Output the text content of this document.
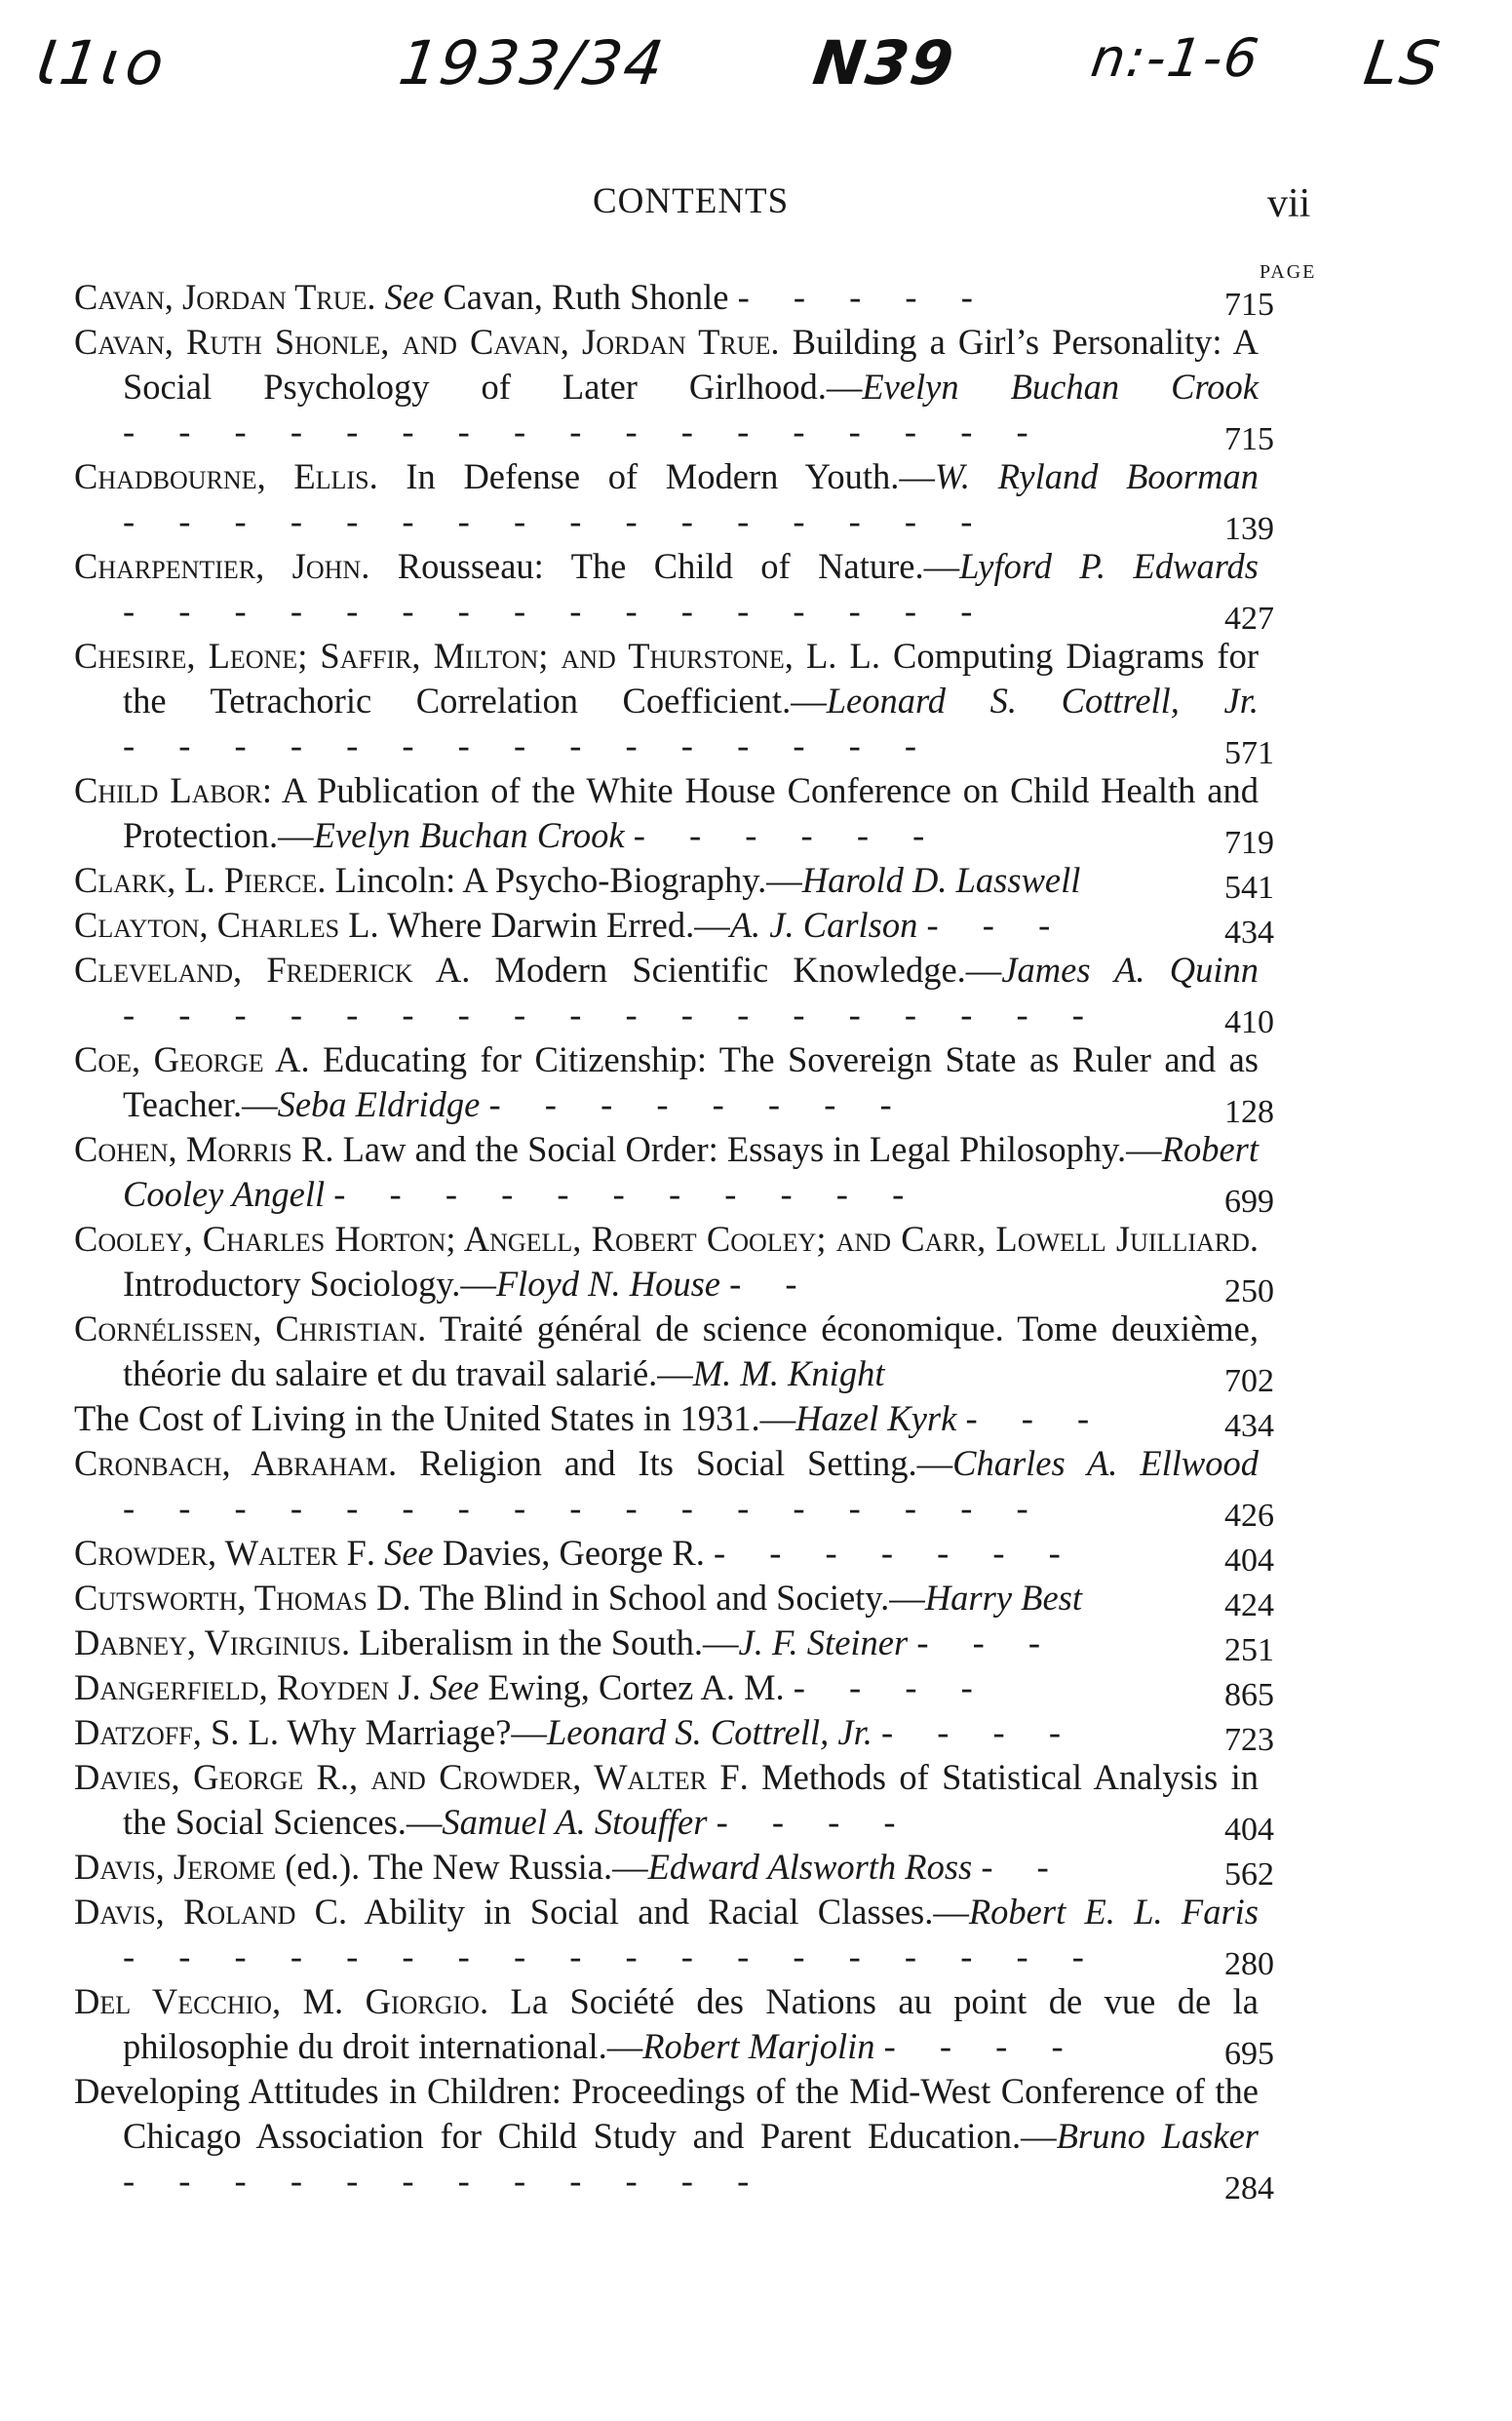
Ɩ1ɩo	1933/34 N39 n:-1-6 LS
CONTENTS	vii
PAGE
Cavan, Jordan True. See Cavan, Ruth Shonle - - - - -	715
Cavan, Ruth Shonle, and Cavan, Jordan True. Building a Girl’s Personality: A Social Psychology of Later Girlhood.—Evelyn Buchan Crook - - - - - - - - - - - - - - - - -	715
Chadbourne, Ellis. In Defense of Modern Youth.—W. Ryland Boorman - - - - - - - - - - - - - - - -	139
Charpentier, John. Rousseau: The Child of Nature.—Lyford P. Edwards - - - - - - - - - - - - - - - -	427
Chesire, Leone; Saffir, Milton; and Thurstone, L. L. Computing Diagrams for the Tetrachoric Correlation Coefficient.—Leonard S. Cottrell, Jr. - - - - - - - - - - - - - - -	571
Child Labor: A Publication of the White House Conference on Child Health and Protection.—Evelyn Buchan Crook - - - - - -	719
Clark, L. Pierce. Lincoln: A Psycho-Biography.—Harold D. Lasswell	541
Clayton, Charles L. Where Darwin Erred.—A. J. Carlson - - -	434
Cleveland, Frederick A. Modern Scientific Knowledge.—James A. Quinn - - - - - - - - - - - - - - - - - -	410
Coe, George A. Educating for Citizenship: The Sovereign State as Ruler and as Teacher.—Seba Eldridge - - - - - - - -	128
Cohen, Morris R. Law and the Social Order: Essays in Legal Philosophy.—Robert Cooley Angell - - - - - - - - - - -	699
Cooley, Charles Horton; Angell, Robert Cooley; and Carr, Lowell Juilliard. Introductory Sociology.—Floyd N. House - -	250
Cornélissen, Christian. Traité général de science économique. Tome deuxième, théorie du salaire et du travail salarié.—M. M. Knight	702
The Cost of Living in the United States in 1931.—Hazel Kyrk - - -	434
Cronbach, Abraham. Religion and Its Social Setting.—Charles A. Ellwood - - - - - - - - - - - - - - - - -	426
Crowder, Walter F. See Davies, George R. - - - - - - -	404
Cutsworth, Thomas D. The Blind in School and Society.—Harry Best	424
Dabney, Virginius. Liberalism in the South.—J. F. Steiner - - -	251
Dangerfield, Royden J. See Ewing, Cortez A. M. - - - -	865
Datzoff, S. L. Why Marriage?—Leonard S. Cottrell, Jr. - - - -	723
Davies, George R., and Crowder, Walter F. Methods of Statistical Analysis in the Social Sciences.—Samuel A. Stouffer - - - -	404
Davis, Jerome (ed.). The New Russia.—Edward Alsworth Ross - -	562
Davis, Roland C. Ability in Social and Racial Classes.—Robert E. L. Faris - - - - - - - - - - - - - - - - - -	280
Del Vecchio, M. Giorgio. La Société des Nations au point de vue de la philosophie du droit international.—Robert Marjolin - - - -	695
Developing Attitudes in Children: Proceedings of the Mid-West Conference of the Chicago Association for Child Study and Parent Education.—Bruno Lasker - - - - - - - - - - - -	284
